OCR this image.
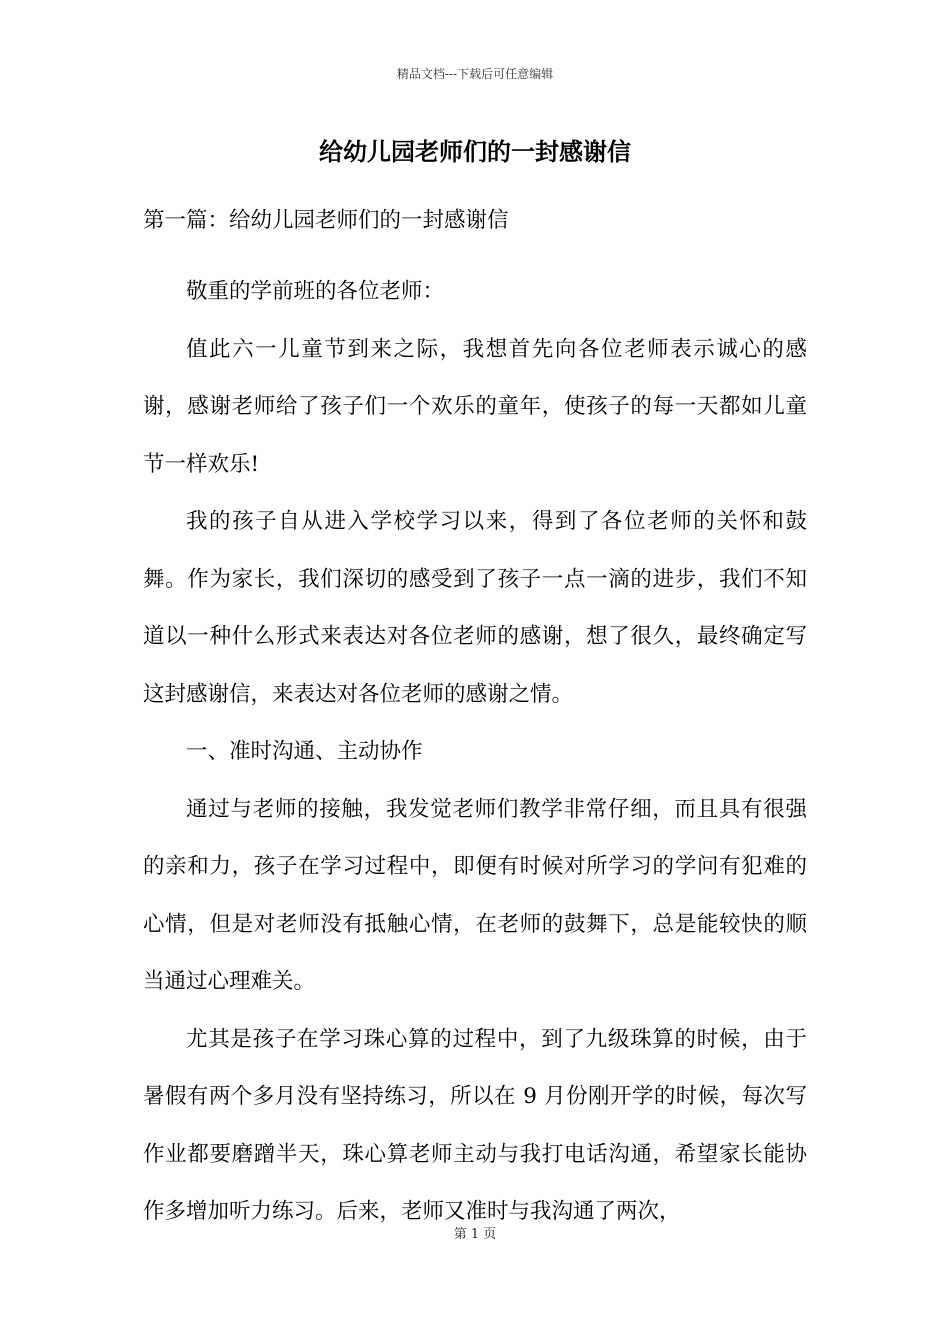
精品文档---下载后可任意编辑
给幼儿园老师们的一封感谢信
第一篇：给幼儿园老师们的一封感谢信

敬重的学前班的各位老师：

值此六一儿童节到来之际，我想首先向各位老师表示诚心的感谢，感谢老师给了孩子们一个欢乐的童年，使孩子的每一天都如儿童节一样欢乐!

我的孩子自从进入学校学习以来，得到了各位老师的关怀和鼓舞。作为家长，我们深切的感受到了孩子一点一滴的进步，我们不知道以一种什么形式来表达对各位老师的感谢，想了很久，最终确定写这封感谢信，来表达对各位老师的感谢之情。

一、准时沟通、主动协作

通过与老师的接触，我发觉老师们教学非常仔细，而且具有很强的亲和力，孩子在学习过程中，即便有时候对所学习的学问有犯难的心情，但是对老师没有抵触心情，在老师的鼓舞下，总是能较快的顺当通过心理难关。

尤其是孩子在学习珠心算的过程中，到了九级珠算的时候，由于暑假有两个多月没有坚持练习，所以在 9 月份刚开学的时候，每次写作业都要磨蹭半天，珠心算老师主动与我打电话沟通，希望家长能协作多增加听力练习。后来，老师又准时与我沟通了两次，

第 1 页
